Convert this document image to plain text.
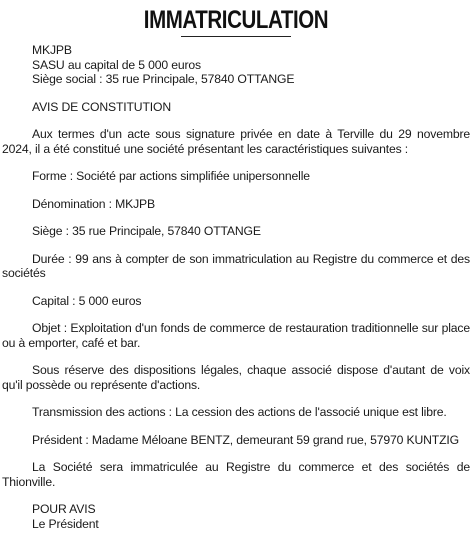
IMMATRICULATION
MKJPB
SASU au capital de 5 000 euros
Siège social : 35 rue Principale, 57840 OTTANGE
AVIS DE CONSTITUTION

Aux termes d'un acte sous signature privée en date à Terville du 29 novembre 2024, il a été constitué une société présentant les caractéristiques suivantes :

Forme : Société par actions simplifiée unipersonnelle
Dénomination : MKJPB
Siège : 35 rue Principale, 57840 OTTANGE

Durée : 99 ans à compter de son immatriculation au Registre du commerce et des sociétés

Capital : 5 000 euros

Objet : Exploitation d'un fonds de commerce de restauration traditionnelle sur place ou à emporter, café et bar.

Sous réserve des dispositions légales, chaque associé dispose d'autant de voix qu'il possède ou représente d'actions.

Transmission des actions : La cession des actions de l'associé unique est libre.
Président : Madame Méloane BENTZ, demeurant 59 grand rue, 57970 KUNTZIG

La Société sera immatriculée au Registre du commerce et des sociétés de Thionville.

POUR AVIS
Le Président
